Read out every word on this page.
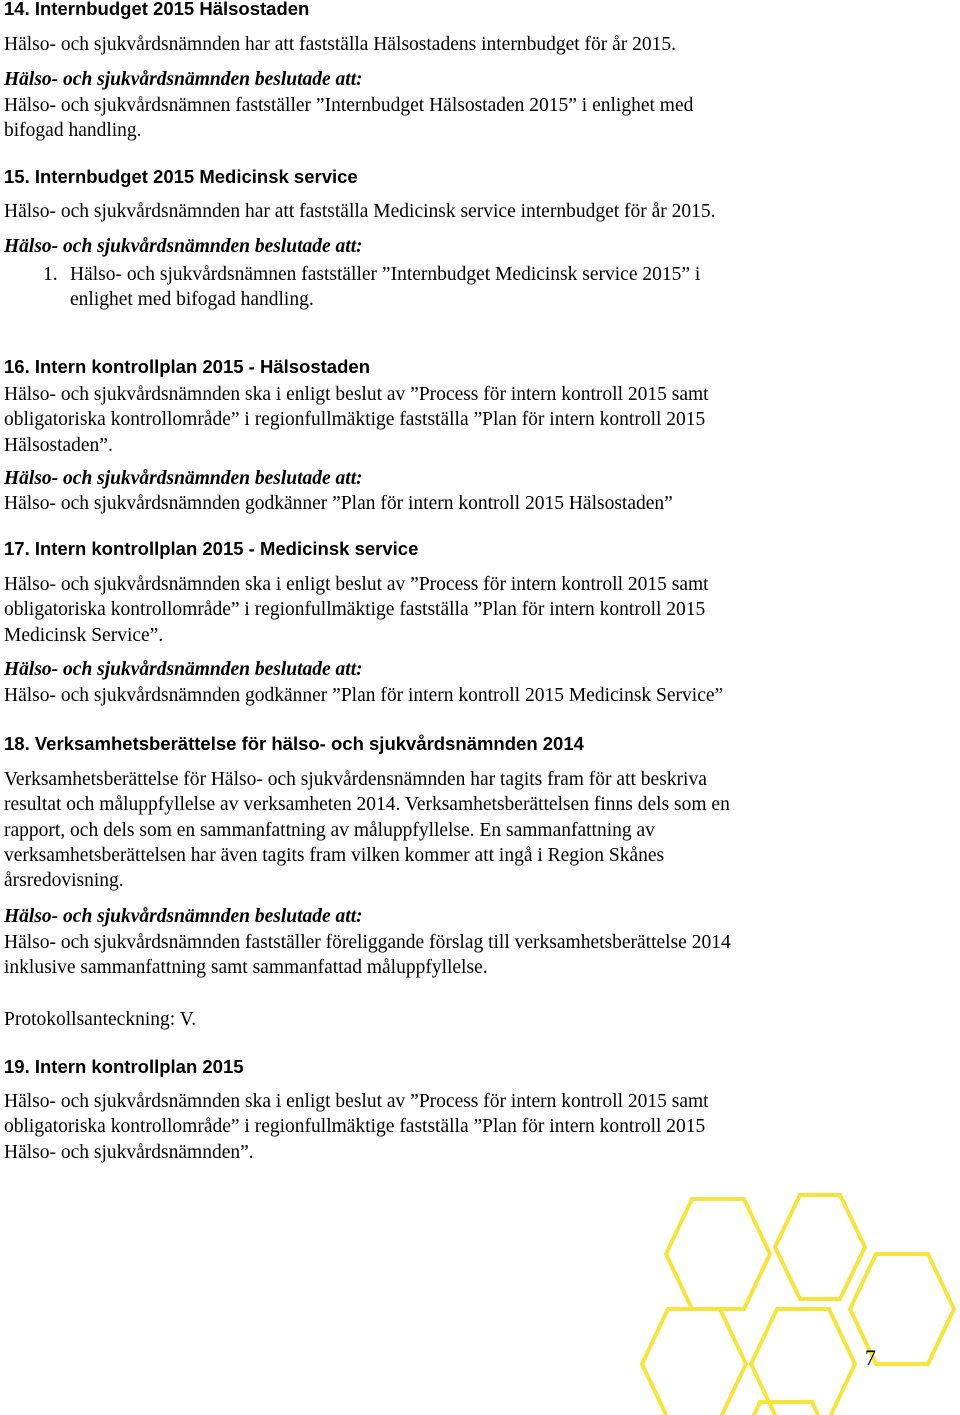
14. Internbudget 2015 Hälsostaden

Hälso- och sjukvårdsnämnden har att fastställa Hälsostadens internbudget för år 2015.

Hälso- och sjukvårdsnämnden beslutade att:

Hälso- och sjukvårdsnämnen fastställer ”Internbudget Hälsostaden 2015” i enlighet med
bifogad handling.

15. Internbudget 2015 Medicinsk service

Hälso- och sjukvårdsnämnden har att fastställa Medicinsk service internbudget för år 2015.

Hälso- och sjukvårdsnämnden beslutade att:

1. Hälso- och sjukvårdsnämnen fastställer ”Internbudget Medicinsk service 2015” i
enlighet med bifogad handling.

16. Intern kontrollplan 2015 - Hälsostaden

Hälso- och sjukvårdsnämnden ska i enligt beslut av ”Process för intern kontroll 2015 samt
obligatoriska kontrollområde” i regionfullmäktige fastställa ”Plan för intern kontroll 2015
Hälsostaden”.

Hälso- och sjukvårdsnämnden beslutade att:

Hälso- och sjukvårdsnämnden godkänner ”Plan för intern kontroll 2015 Hälsostaden”

17. Intern kontrollplan 2015 - Medicinsk service

Hälso- och sjukvårdsnämnden ska i enligt beslut av ”Process för intern kontroll 2015 samt
obligatoriska kontrollområde” i regionfullmäktige fastställa ”Plan för intern kontroll 2015
Medicinsk Service”.

Hälso- och sjukvårdsnämnden beslutade att:

Hälso- och sjukvårdsnämnden godkänner ”Plan för intern kontroll 2015 Medicinsk Service”

18. Verksamhetsberättelse för hälso- och sjukvårdsnämnden 2014

Verksamhetsberättelse för Hälso- och sjukvårdensnämnden har tagits fram för att beskriva
resultat och måluppfyllelse av verksamheten 2014. Verksamhetsberättelsen finns dels som en
rapport, och dels som en sammanfattning av måluppfyllelse. En sammanfattning av
verksamhetsberättelsen har även tagits fram vilken kommer att ingå i Region Skånes
årsredovisning.

Hälso- och sjukvårdsnämnden beslutade att:

Hälso- och sjukvårdsnämnden fastställer föreliggande förslag till verksamhetsberättelse 2014
inklusive sammanfattning samt sammanfattad måluppfyllelse.

Protokollsanteckning: V.

19. Intern kontrollplan 2015

Hälso- och sjukvårdsnämnden ska i enligt beslut av ”Process för intern kontroll 2015 samt
obligatoriska kontrollområde” i regionfullmäktige fastställa ”Plan för intern kontroll 2015
Hälso- och sjukvårdsnämnden”.

7
